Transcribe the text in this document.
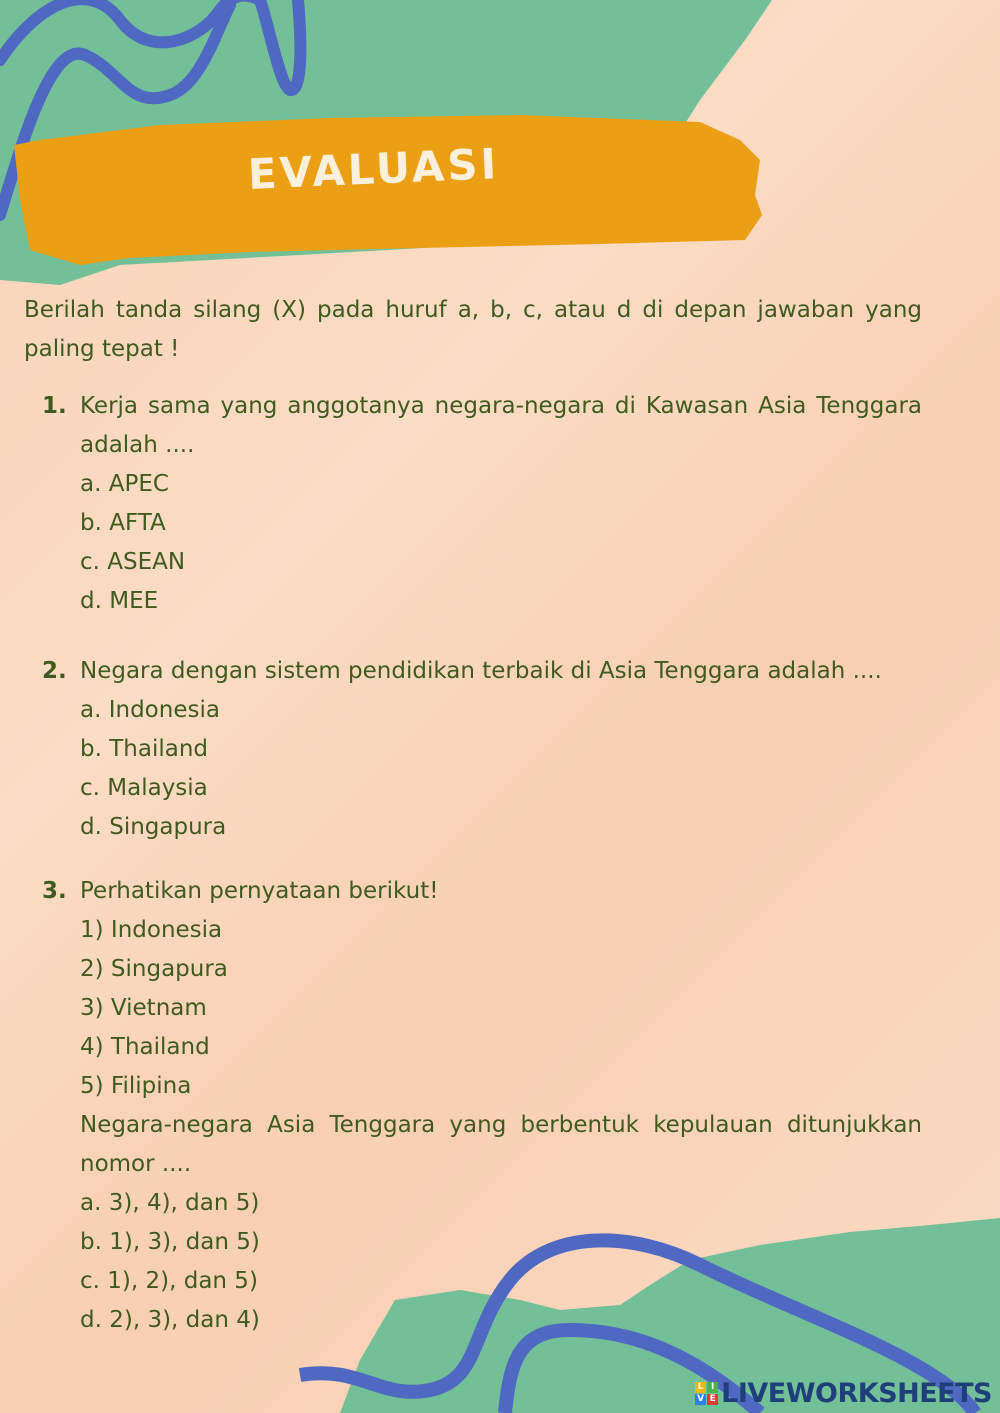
EVALUASI
Berilah tanda silang (X) pada huruf a, b, c, atau d di depan jawaban yang paling tepat !
1. Kerja sama yang anggotanya negara-negara di Kawasan Asia Tenggara adalah ....
a. APEC
b. AFTA
c. ASEAN
d. MEE
2. Negara dengan sistem pendidikan terbaik di Asia Tenggara adalah ....
a. Indonesia
b. Thailand
c. Malaysia
d. Singapura
3. Perhatikan pernyataan berikut!
1) Indonesia
2) Singapura
3) Vietnam
4) Thailand
5) Filipina
Negara-negara Asia Tenggara yang berbentuk kepulauan ditunjukkan nomor ....
a. 3), 4), dan 5)
b. 1), 3), dan 5)
c. 1), 2), dan 5)
d. 2), 3), dan 4)
L I
V E LIVEWORKSHEETS
